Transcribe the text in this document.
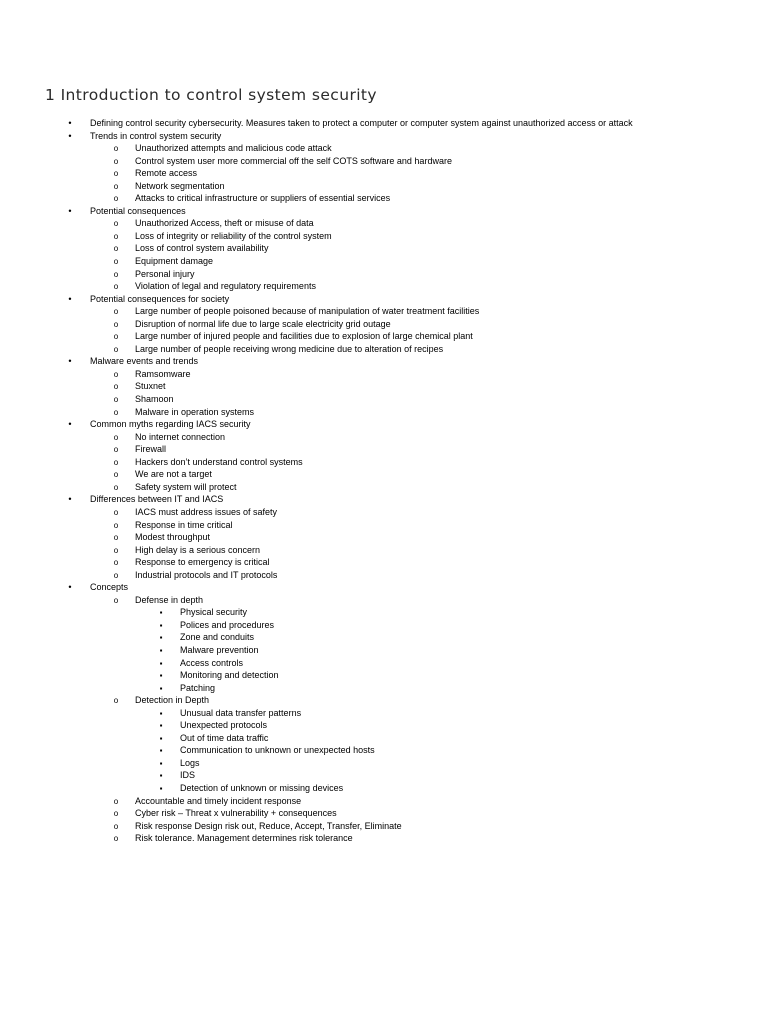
1 Introduction to control system security
•
Defining control security cybersecurity. Measures taken to protect a computer or computer system against unauthorized access or attack
•
Trends in control system security
o
Unauthorized attempts and malicious code attack
o
Control system user more commercial off the self COTS software and hardware
o
Remote access
o
Network segmentation
o
Attacks to critical infrastructure or suppliers of essential services
•
Potential consequences
o
Unauthorized Access, theft or misuse of data
o
Loss of integrity or reliability of the control system
o
Loss of control system availability
o
Equipment damage
o
Personal injury
o
Violation of legal and regulatory requirements
•
Potential consequences for society
o
Large number of people poisoned because of manipulation of water treatment facilities
o
Disruption of normal life due to large scale electricity grid outage
o
Large number of injured people and facilities due to explosion of large chemical plant
o
Large number of people receiving wrong medicine due to alteration of recipes
•
Malware events and trends
o
Ramsomware
o
Stuxnet
o
Shamoon
o
Malware in operation systems
•
Common myths regarding IACS security
o
No internet connection
o
Firewall
o
Hackers don’t understand control systems
o
We are not a target
o
Safety system will protect
•
Differences between IT and IACS
o
IACS must address issues of safety
o
Response in time critical
o
Modest throughput
o
High delay is a serious concern
o
Response to emergency is critical
o
Industrial protocols and IT protocols
•
Concepts
o
Defense in depth
▪
Physical security
▪
Polices and procedures
▪
Zone and conduits
▪
Malware prevention
▪
Access controls
▪
Monitoring and detection
▪
Patching
o
Detection in Depth
▪
Unusual data transfer patterns
▪
Unexpected protocols
▪
Out of time data traffic
▪
Communication to unknown or unexpected hosts
▪
Logs
▪
IDS
▪
Detection of unknown or missing devices
o
Accountable and timely incident response
o
Cyber risk – Threat x vulnerability + consequences
o
Risk response Design risk out, Reduce, Accept, Transfer, Eliminate
o
Risk tolerance. Management determines risk tolerance
